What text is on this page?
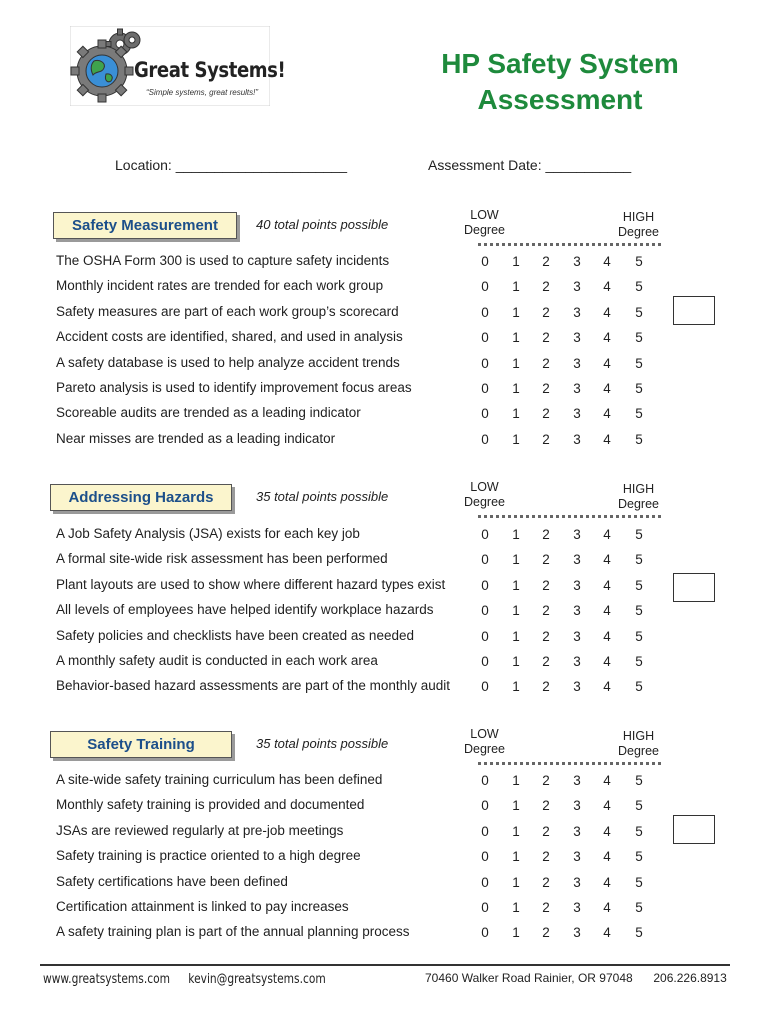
Great Systems!
“Simple systems, great results!”
HP Safety System
Assessment
Location: ______________________	Assessment Date: ___________
Safety Measurement	40 total points possible
LOW
Degree
HIGH
Degree
The OSHA Form 300 is used to capture safety incidents	0 1 2 3 4 5
Monthly incident rates are trended for each work group	0 1 2 3 4 5
Safety measures are part of each work group’s scorecard	0 1 2 3 4 5
Accident costs are identified, shared, and used in analysis	0 1 2 3 4 5
A safety database is used to help analyze accident trends	0 1 2 3 4 5
Pareto analysis is used to identify improvement focus areas	0 1 2 3 4 5
Scoreable audits are trended as a leading indicator	0 1 2 3 4 5
Near misses are trended as a leading indicator	0 1 2 3 4 5
Addressing Hazards	35 total points possible
LOW
Degree
HIGH
Degree
A Job Safety Analysis (JSA) exists for each key job	0 1 2 3 4 5
A formal site-wide risk assessment has been performed	0 1 2 3 4 5
Plant layouts are used to show where different hazard types exist	0 1 2 3 4 5
All levels of employees have helped identify workplace hazards	0 1 2 3 4 5
Safety policies and checklists have been created as needed	0 1 2 3 4 5
A monthly safety audit is conducted in each work area	0 1 2 3 4 5
Behavior-based hazard assessments are part of the monthly audit 0 1 2 3 4 5
Safety Training	35 total points possible
LOW
Degree
HIGH
Degree
A site-wide safety training curriculum has been defined	0 1 2 3 4 5
Monthly safety training is provided and documented	0 1 2 3 4 5
JSAs are reviewed regularly at pre-job meetings	0 1 2 3 4 5
Safety training is practice oriented to a high degree	0 1 2 3 4 5
Safety certifications have been defined	0 1 2 3 4 5
Certification attainment is linked to pay increases	0 1 2 3 4 5
A safety training plan is part of the annual planning process	0 1 2 3 4 5
www.greatsystems.com kevin@greatsystems.com	70460 Walker Road Rainier, OR 97048 206.226.8913
